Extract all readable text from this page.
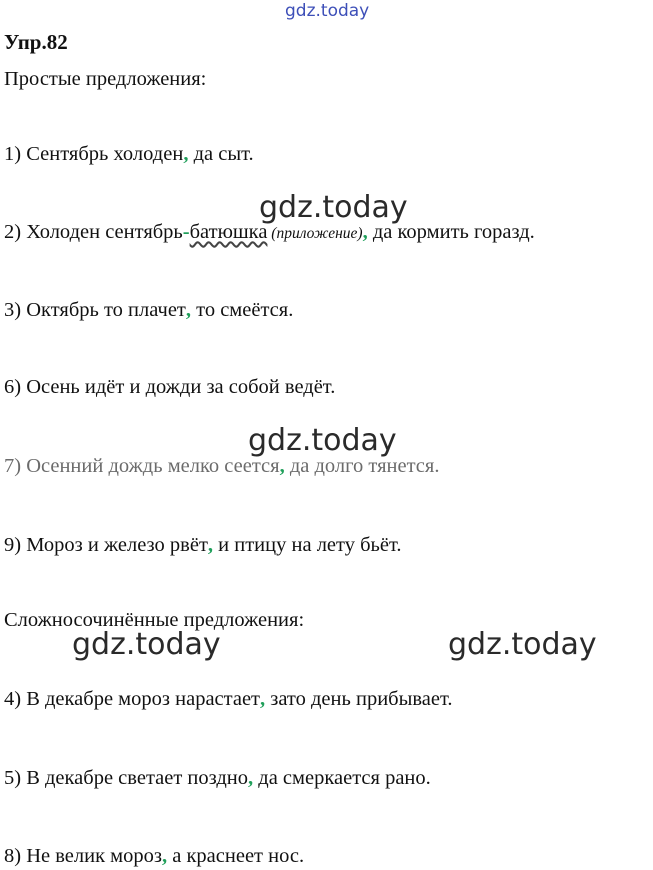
gdz.today
Упр.82
Простые предложения:
1) Сентябрь холоден, да сыт.
gdz.today
2) Холоден сентябрь-батюшка (приложение), да кормить горазд.
3) Октябрь то плачет, то смеётся.
6) Осень идёт и дожди за собой ведёт.
gdz.today
7) Осенний дождь мелко сеется, да долго тянется.
9) Мороз и железо рвёт, и птицу на лету бьёт.
Сложносочинённые предложения:
gdz.today	gdz.today
4) В декабре мороз нарастает, зато день прибывает.
5) В декабре светает поздно, да смеркается рано.
8) Не велик мороз, а краснеет нос.
